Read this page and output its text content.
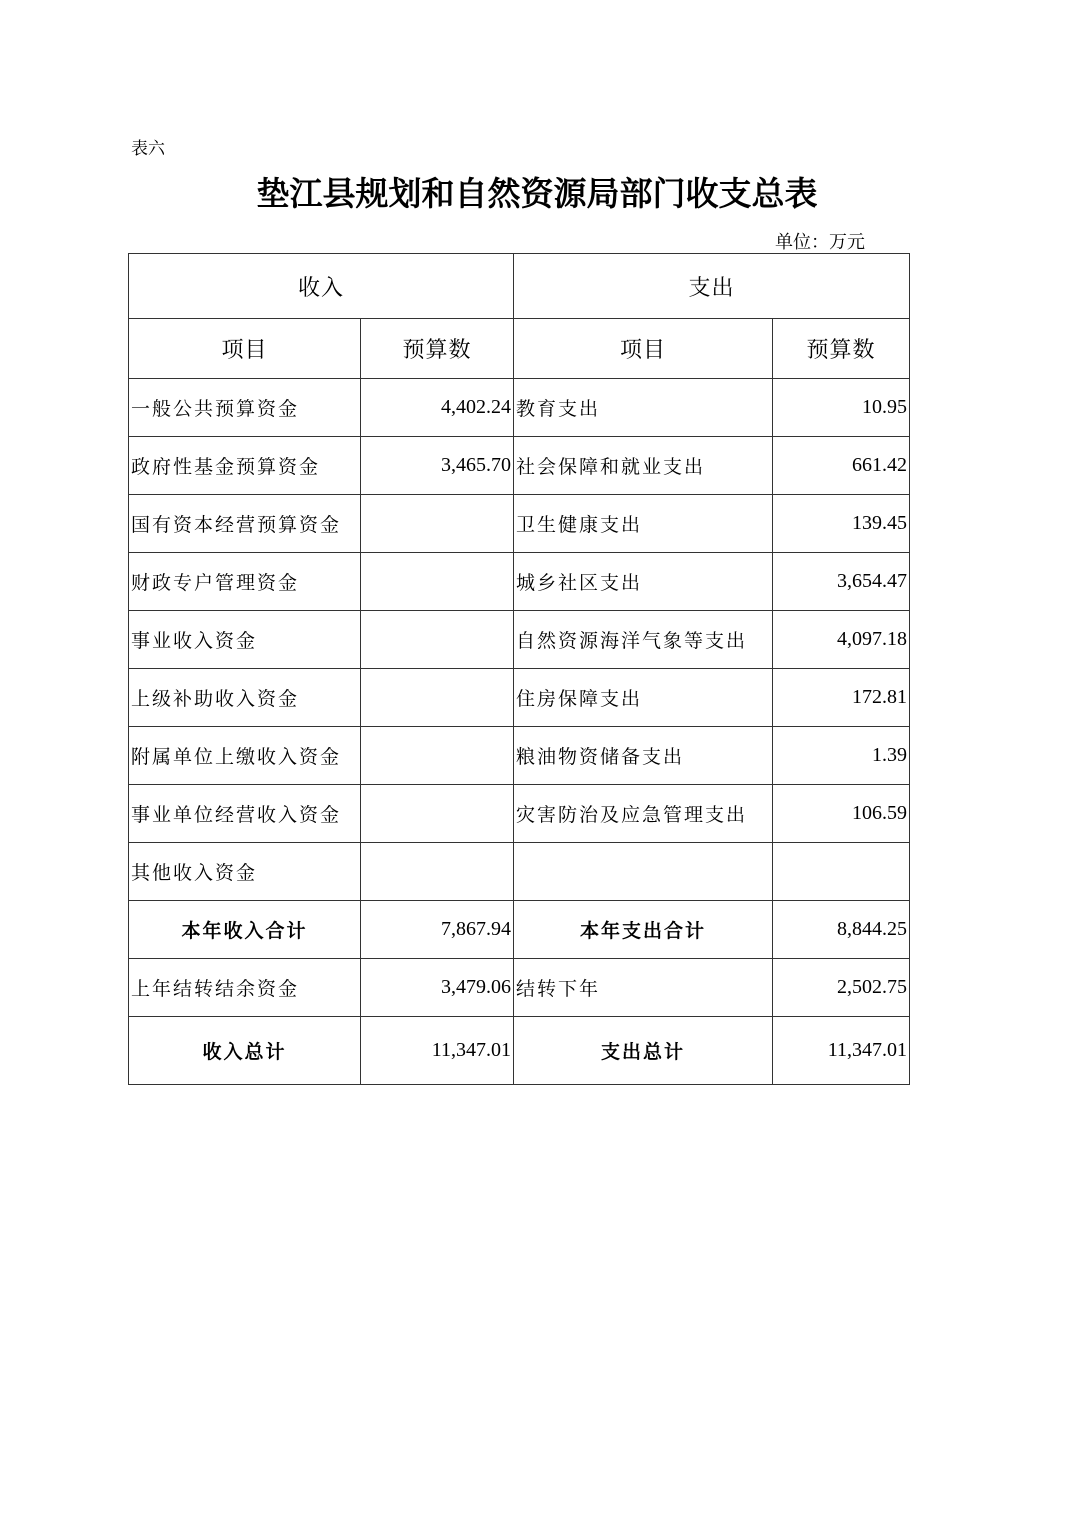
表六
垫江县规划和自然资源局部门收支总表
单位：万元
收入		支出	
项目	预算数	项目	预算数
一般公共预算资金	4,402.24	教育支出	10.95
政府性基金预算资金	3,465.70	社会保障和就业支出	661.42
国有资本经营预算资金		卫生健康支出	139.45
财政专户管理资金		城乡社区支出	3,654.47
事业收入资金		自然资源海洋气象等支出	4,097.18
上级补助收入资金		住房保障支出	172.81
附属单位上缴收入资金		粮油物资储备支出	1.39
事业单位经营收入资金		灾害防治及应急管理支出	106.59
其他收入资金			
本年收入合计	7,867.94	本年支出合计	8,844.25
上年结转结余资金	3,479.06	结转下年	2,502.75
收入总计	11,347.01	支出总计	11,347.01
